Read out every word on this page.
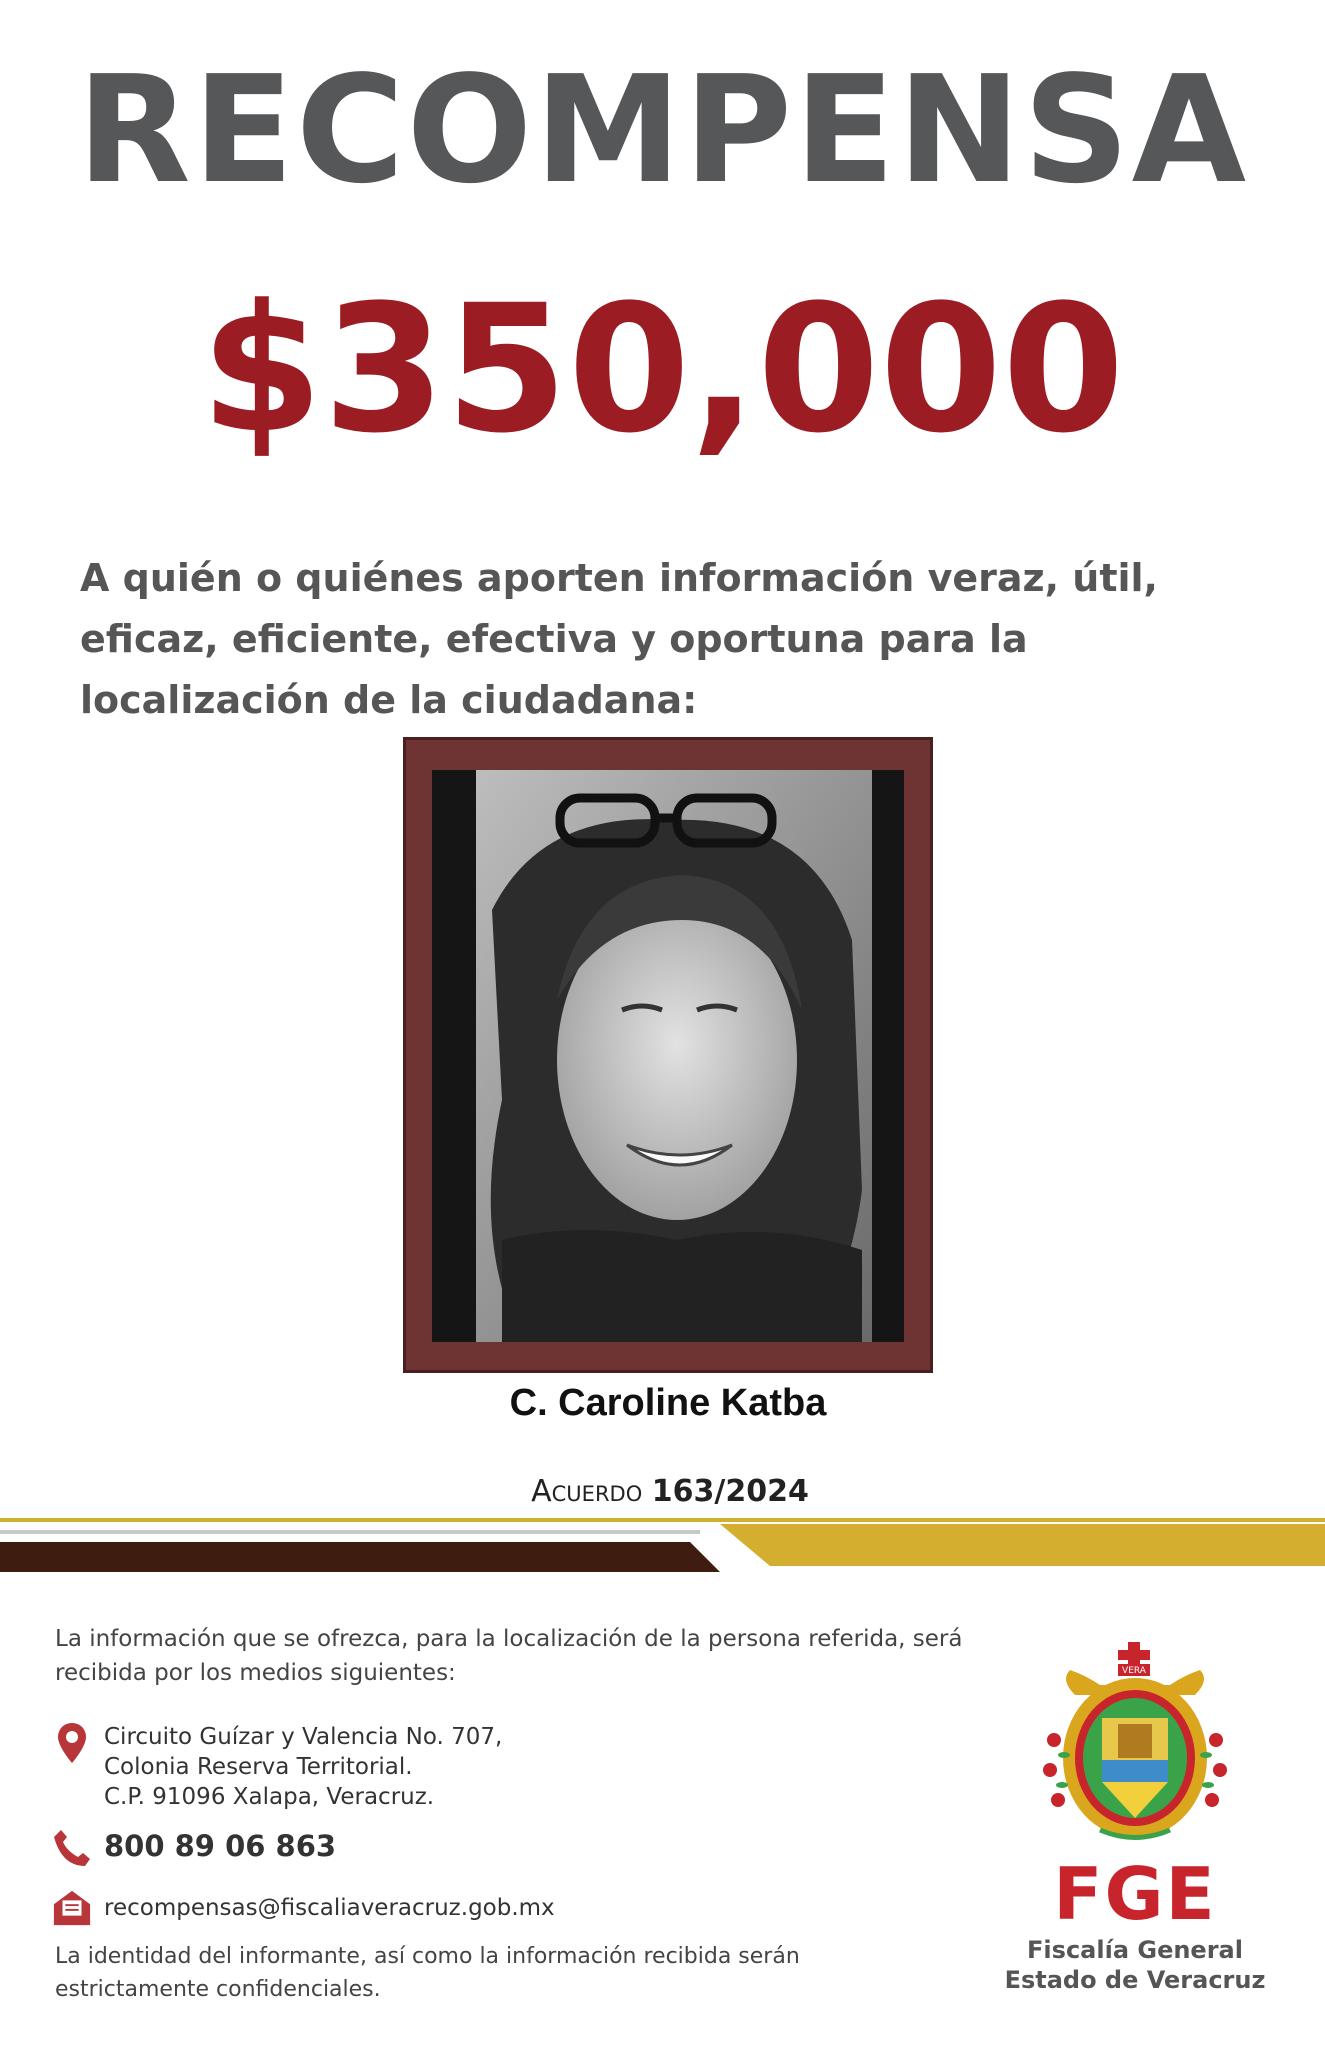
RECOMPENSA
$350,000
A quién o quiénes aporten información veraz, útil, eficaz, eficiente, efectiva y oportuna para la localización de la ciudadana:
C. Caroline Katba
Acuerdo 163/2024
La información que se ofrezca, para la localización de la persona referida, será recibida por los medios siguientes:
Circuito Guízar y Valencia No. 707,
Colonia Reserva Territorial.
C.P. 91096 Xalapa, Veracruz.
800 89 06 863
recompensas@fiscaliaveracruz.gob.mx
La identidad del informante, así como la información recibida serán estrictamente confidenciales.
VERA
FGE
Fiscalía General
Estado de Veracruz
